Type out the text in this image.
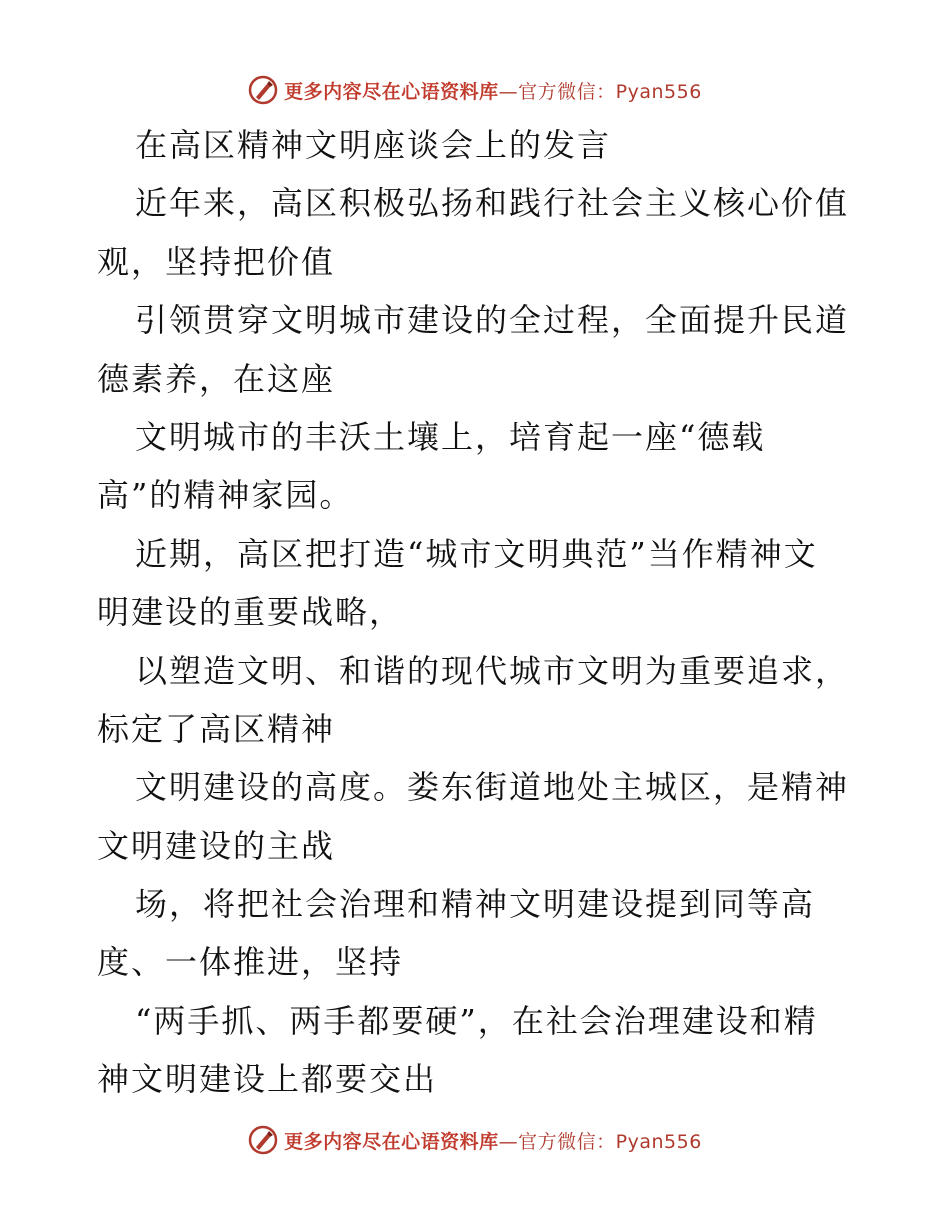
更多内容尽在心语资料库—官方微信：Pyan556
在高区精神文明座谈会上的发言
近年来，高区积极弘扬和践行社会主义核心价值
观，坚持把价值
引领贯穿文明城市建设的全过程，全面提升民道
德素养，在这座
文明城市的丰沃土壤上，培育起一座“德载
高”的精神家园。
近期，高区把打造“城市文明典范”当作精神文
明建设的重要战略，
以塑造文明、和谐的现代城市文明为重要追求，
标定了高区精神
文明建设的高度。娄东街道地处主城区，是精神
文明建设的主战
场，将把社会治理和精神文明建设提到同等高
度、一体推进，坚持
“两手抓、两手都要硬”，在社会治理建设和精
神文明建设上都要交出
更多内容尽在心语资料库—官方微信：Pyan556
